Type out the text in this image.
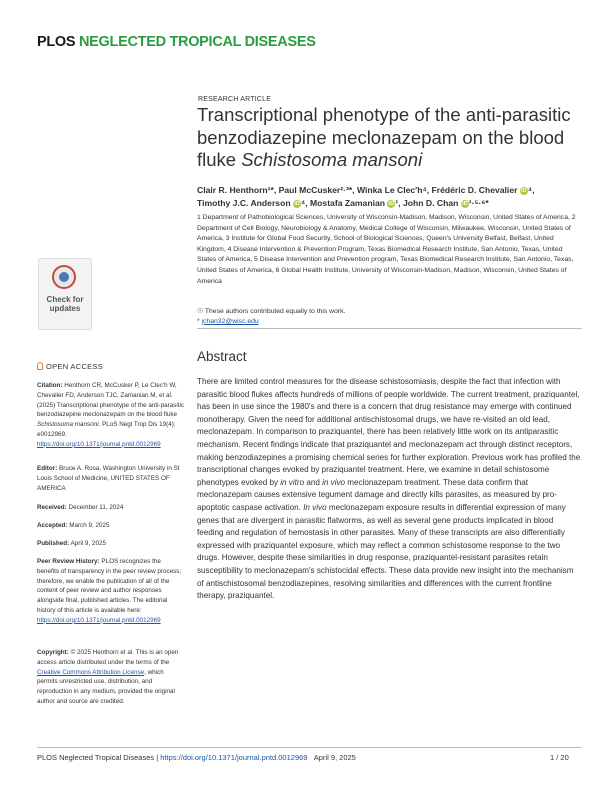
PLOS NEGLECTED TROPICAL DISEASES
RESEARCH ARTICLE
Transcriptional phenotype of the anti-parasitic benzodiazepine meclonazepam on the blood fluke Schistosoma mansoni
Clair R. Henthorn¹*, Paul McCusker²·³*, Winka Le Clec'h⁴, Frédéric D. Chevalier iD⁴,
Timothy J.C. Anderson iD⁴, Mostafa Zamanian iD¹, John D. Chan iD¹·⁵·⁶*
1 Department of Pathobiological Sciences, University of Wisconsin-Madison, Madison, Wisconsin, United States of America, 2 Department of Cell Biology, Neurobiology & Anatomy, Medical College of Wisconsin, Milwaukee, Wisconsin, United States of America, 3 Institute for Global Food Security, School of Biological Sciences, Queen's University Belfast, Belfast, United Kingdom, 4 Disease Intervention & Prevention Program, Texas Biomedical Research Institute, San Antonio, Texas, United States of America, 5 Disease Intervention and Prevention program, Texas Biomedical Research Institute, San Antonio, Texas, United States of America, 6 Global Health Institute, University of Wisconsin-Madison, Madison, Wisconsin, United States of America
☉ These authors contributed equally to this work.
* jchan32@wisc.edu
Abstract

There are limited control measures for the disease schistosomiasis, despite the fact that infection with parasitic blood flukes affects hundreds of millions of people worldwide. The current treatment, praziquantel, has been in use since the 1980's and there is a concern that drug resistance may emerge with continued monotherapy. Given the need for additional antischistosomal drugs, we have re-visited an old lead, meclonazepam. In comparison to praziquantel, there has been relatively little work on its antiparasitic mechanism. Recent findings indicate that praziquantel and meclonazepam act through distinct receptors, making benzodiazepines a promising chemical series for further exploration. Previous work has profiled the transcriptional changes evoked by praziquantel treatment. Here, we examine in detail schistosome phenotypes evoked by in vitro and in vivo meclonazepam treatment. These data confirm that meclonazepam causes extensive tegument damage and directly kills parasites, as measured by pro-apoptotic caspase activation. In vivo meclonazepam exposure results in differential expression of many genes that are divergent in parasitic flatworms, as well as several gene products implicated in blood feeding and regulation of hemostasis in other parasites. Many of these transcripts are also differentially expressed with praziquantel exposure, which may reflect a common schistosome response to the two drugs. However, despite these similarities in drug response, praziquantel-resistant parasites retain susceptibility to meclonazepam's schistocidal effects. These data provide new insight into the mechanism of antischistosomal benzodiazepines, resolving similarities and differences with the current frontline therapy, praziquantel.

Check for updates
OPEN ACCESS
Citation: Henthorn CR, McCusker P, Le Clec'h W, Chevalier FD, Anderson TJC, Zamanian M, et al. (2025) Transcriptional phenotype of the anti-parasitic benzodiazepine meclonazepam on the blood fluke Schistosoma mansoni. PLoS Negl Trop Dis 19(4): e0012969. https://doi.org/10.1371/journal.pntd.0012969
Editor: Bruce A. Rosa, Washington University in St Louis School of Medicine, UNITED STATES OF AMERICA
Received: December 11, 2024
Accepted: March 9, 2025
Published: April 9, 2025
Peer Review History: PLOS recognizes the benefits of transparency in the peer review process; therefore, we enable the publication of all of the content of peer review and author responses alongside final, published articles. The editorial history of this article is available here: https://doi.org/10.1371/journal.pntd.0012969
Copyright: © 2025 Henthorn et al. This is an open access article distributed under the terms of the Creative Commons Attribution License, which permits unrestricted use, distribution, and reproduction in any medium, provided the original author and source are credited.
PLOS Neglected Tropical Diseases | https://doi.org/10.1371/journal.pntd.0012969 April 9, 2025	1 / 20
